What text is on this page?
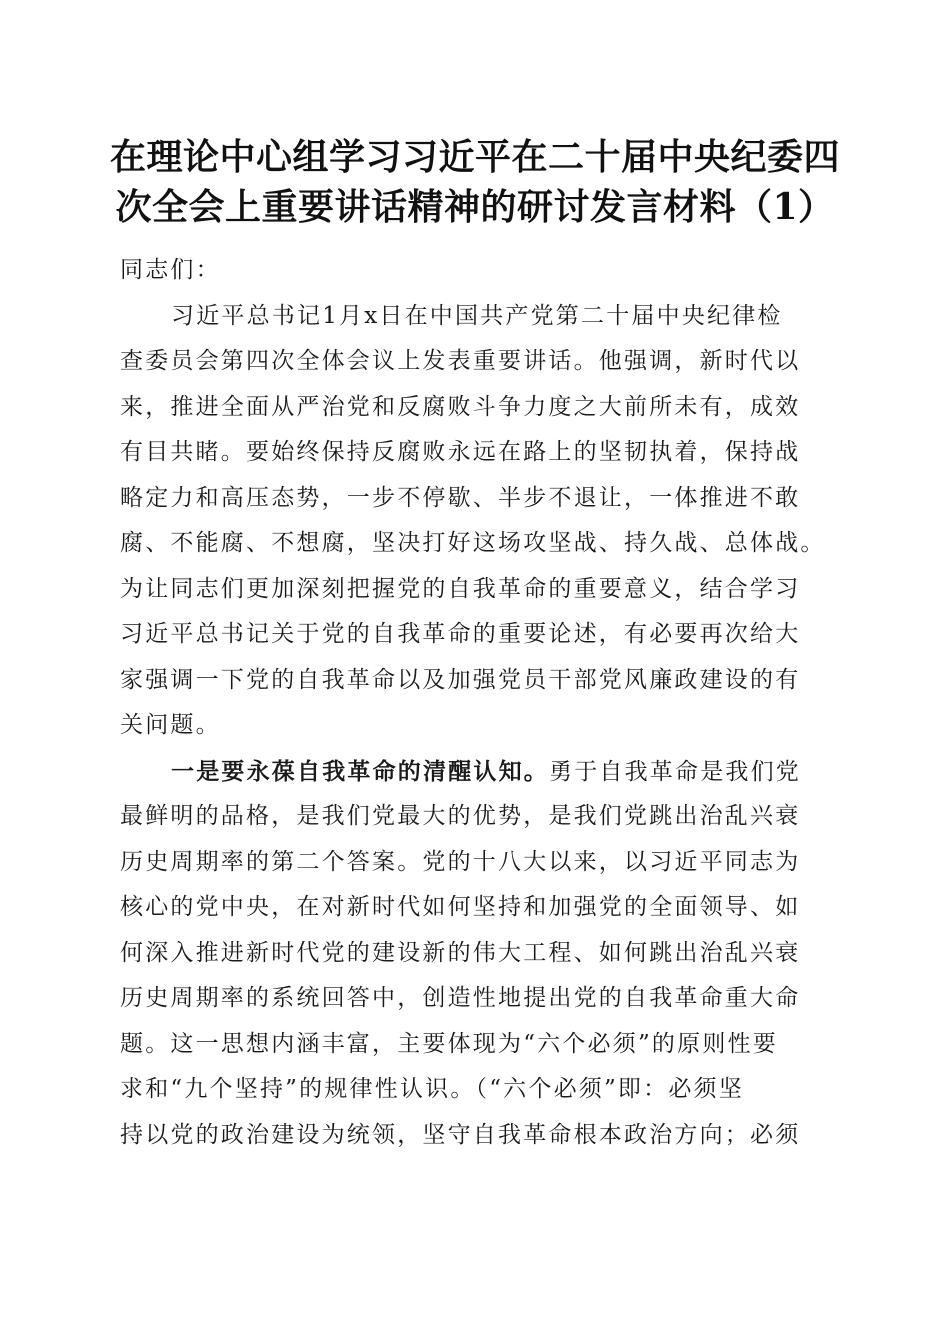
在理论中心组学习习近平在二十届中央纪委四
次全会上重要讲话精神的研讨发言材料（1）
同志们：
习近平总书记1月x日在中国共产党第二十届中央纪律检
查委员会第四次全体会议上发表重要讲话。他强调，新时代以
来，推进全面从严治党和反腐败斗争力度之大前所未有，成效
有目共睹。要始终保持反腐败永远在路上的坚韧执着，保持战
略定力和高压态势，一步不停歇、半步不退让，一体推进不敢
腐、不能腐、不想腐，坚决打好这场攻坚战、持久战、总体战。
为让同志们更加深刻把握党的自我革命的重要意义，结合学习
习近平总书记关于党的自我革命的重要论述，有必要再次给大
家强调一下党的自我革命以及加强党员干部党风廉政建设的有
关问题。
一是要永葆自我革命的清醒认知。勇于自我革命是我们党
最鲜明的品格，是我们党最大的优势，是我们党跳出治乱兴衰
历史周期率的第二个答案。党的十八大以来，以习近平同志为
核心的党中央，在对新时代如何坚持和加强党的全面领导、如
何深入推进新时代党的建设新的伟大工程、如何跳出治乱兴衰
历史周期率的系统回答中，创造性地提出党的自我革命重大命
题。这一思想内涵丰富，主要体现为“六个必须”的原则性要
求和“九个坚持”的规律性认识。（“六个必须”即：必须坚
持以党的政治建设为统领，坚守自我革命根本政治方向；必须
